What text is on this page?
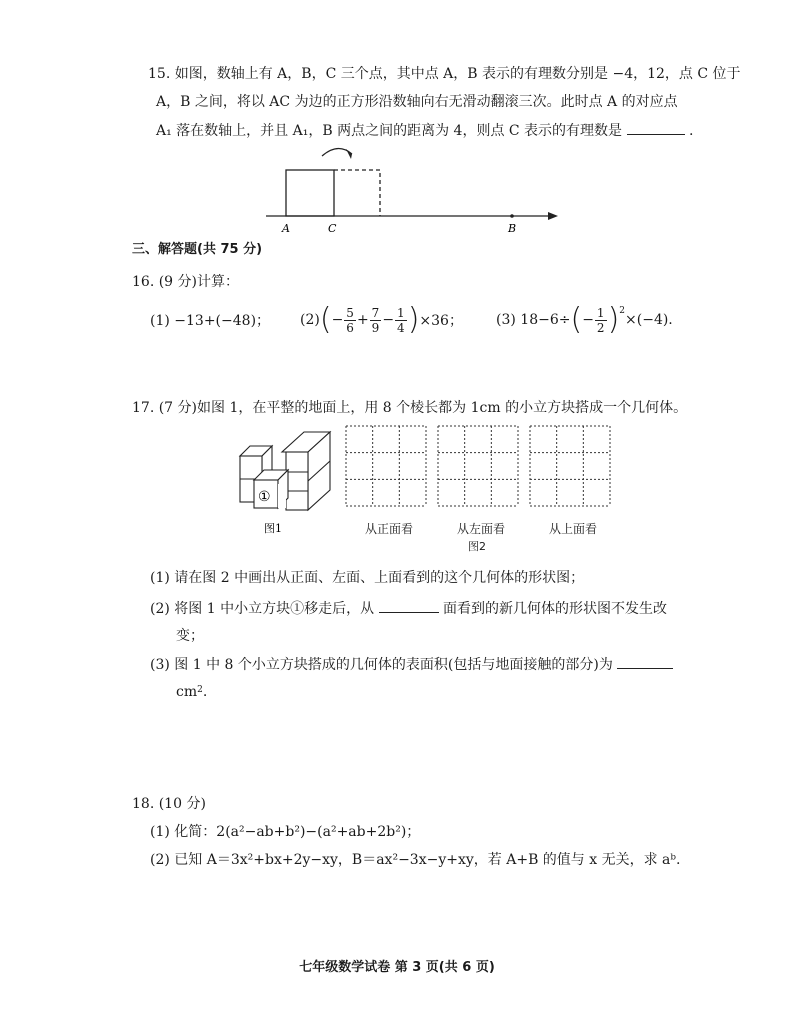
15. 如图，数轴上有 A，B，C 三个点，其中点 A，B 表示的有理数分别是 −4，12，点 C 位于
A，B 之间，将以 AC 为边的正方形沿数轴向右无滑动翻滚三次。此时点 A 的对应点
A₁ 落在数轴上，并且 A₁，B 两点之间的距离为 4，则点 C 表示的有理数是	.
A	C	B
三、解答题(共 75 分)
16. (9 分)计算：
(1) −13+(−48)； (2) ( − $\frac{5}{6} + \frac{7}{9} - \frac{1}{4}$ ) ×36； (3) 18−6÷ ( − $\frac{1}{2}$ ) 2
×(−4).
17. (7 分)如图 1，在平整的地面上，用 8 个棱长都为 1cm 的小立方块搭成一个几何体。
①
图1	从正面看	从左面看	从上面看
图2
(1) 请在图 2 中画出从正面、左面、上面看到的这个几何体的形状图；
(2) 将图 1 中小立方块①移走后，从	面看到的新几何体的形状图不发生改
变；
(3) 图 1 中 8 个小立方块搭成的几何体的表面积(包括与地面接触的部分)为
$cm^2$.
18. (10 分)
(1) 化简：2(a²−ab+b²)−(a²+ab+2b²)；
(2) 已知 A＝3x²+bx+2y−xy，B＝ax²−3x−y+xy，若 A+B 的值与 x 无关，求 aᵇ.
七年级数学试卷 第 3 页(共 6 页)
